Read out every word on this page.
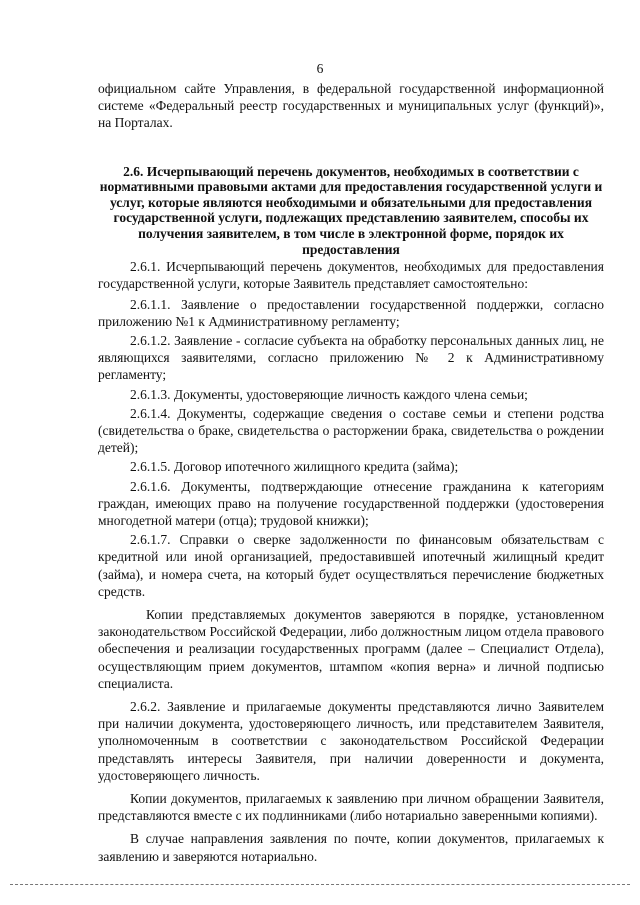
6

официальном сайте Управления, в федеральной государственной информационной системе «Федеральный реестр государственных и муниципальных услуг (функций)», на Порталах.

2.6. Исчерпывающий перечень документов, необходимых в соответствии с нормативными правовыми актами для предоставления государственной услуги и услуг, которые являются необходимыми и обязательными для предоставления государственной услуги, подлежащих представлению заявителем, способы их получения заявителем, в том числе в электронной форме, порядок их предоставления

2.6.1. Исчерпывающий перечень документов, необходимых для предоставления государственной услуги, которые Заявитель представляет самостоятельно:

2.6.1.1. Заявление о предоставлении государственной поддержки, согласно приложению №1 к Административному регламенту;

2.6.1.2. Заявление - согласие субъекта на обработку персональных данных лиц, не являющихся заявителями, согласно приложению № 2 к Административному регламенту;

2.6.1.3. Документы, удостоверяющие личность каждого члена семьи;

2.6.1.4. Документы, содержащие сведения о составе семьи и степени родства (свидетельства о браке, свидетельства о расторжении брака, свидетельства о рождении детей);

2.6.1.5. Договор ипотечного жилищного кредита (займа);

2.6.1.6. Документы, подтверждающие отнесение гражданина к категориям граждан, имеющих право на получение государственной поддержки (удостоверения многодетной матери (отца); трудовой книжки);

2.6.1.7. Справки о сверке задолженности по финансовым обязательствам с кредитной или иной организацией, предоставившей ипотечный жилищный кредит (займа), и номера счета, на который будет осуществляться перечисление бюджетных средств.

Копии представляемых документов заверяются в порядке, установленном законодательством Российской Федерации, либо должностным лицом отдела правового обеспечения и реализации государственных программ (далее – Специалист Отдела), осуществляющим прием документов, штампом «копия верна» и личной подписью специалиста.

2.6.2. Заявление и прилагаемые документы представляются лично Заявителем при наличии документа, удостоверяющего личность, или представителем Заявителя, уполномоченным в соответствии с законодательством Российской Федерации представлять интересы Заявителя, при наличии доверенности и документа, удостоверяющего личность.

Копии документов, прилагаемых к заявлению при личном обращении Заявителя, представляются вместе с их подлинниками (либо нотариально заверенными копиями).

В случае направления заявления по почте, копии документов, прилагаемых к заявлению и заверяются нотариально.
